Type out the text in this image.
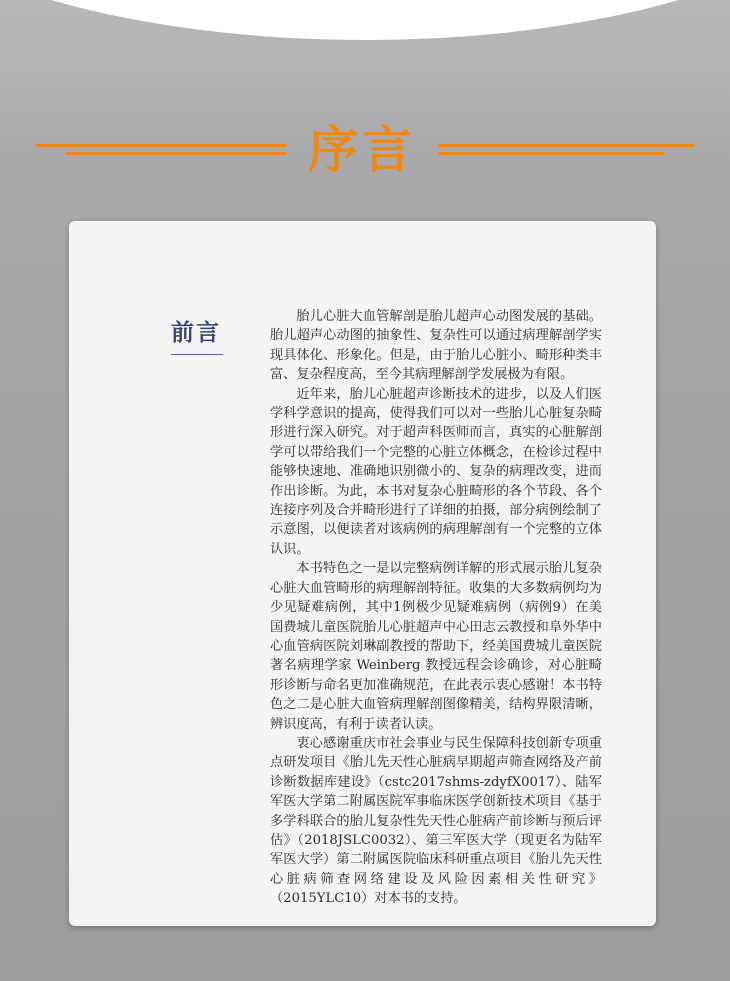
序言
前言

胎儿心脏大血管解剖是胎儿超声心动图发展的基础。胎儿超声心动图的抽象性、复杂性可以通过病理解剖学实现具体化、形象化。但是，由于胎儿心脏小、畸形种类丰富、复杂程度高，至今其病理解剖学发展极为有限。

近年来，胎儿心脏超声诊断技术的进步，以及人们医学科学意识的提高，使得我们可以对一些胎儿心脏复杂畸形进行深入研究。对于超声科医师而言，真实的心脏解剖学可以带给我们一个完整的心脏立体概念，在检诊过程中能够快速地、准确地识别微小的、复杂的病理改变，进而作出诊断。为此，本书对复杂心脏畸形的各个节段、各个连接序列及合并畸形进行了详细的拍摄，部分病例绘制了示意图，以便读者对该病例的病理解剖有一个完整的立体认识。

本书特色之一是以完整病例详解的形式展示胎儿复杂心脏大血管畸形的病理解剖特征。收集的大多数病例均为少见疑难病例，其中1例极少见疑难病例（病例9）在美国费城儿童医院胎儿心脏超声中心田志云教授和阜外华中心血管病医院刘琳副教授的帮助下，经美国费城儿童医院著名病理学家 Weinberg 教授远程会诊确诊，对心脏畸形诊断与命名更加准确规范，在此表示衷心感谢！本书特色之二是心脏大血管病理解剖图像精美，结构界限清晰，辨识度高，有利于读者认读。

衷心感谢重庆市社会事业与民生保障科技创新专项重点研发项目《胎儿先天性心脏病早期超声筛查网络及产前诊断数据库建设》（cstc2017shms-zdyfX0017）、陆军军医大学第二附属医院军事临床医学创新技术项目《基于多学科联合的胎儿复杂性先天性心脏病产前诊断与预后评估》（2018JSLC0032）、第三军医大学（现更名为陆军军医大学）第二附属医院临床科研重点项目《胎儿先天性心脏病筛查网络建设及风险因素相关性研究》（2015YLC10）对本书的支持。
